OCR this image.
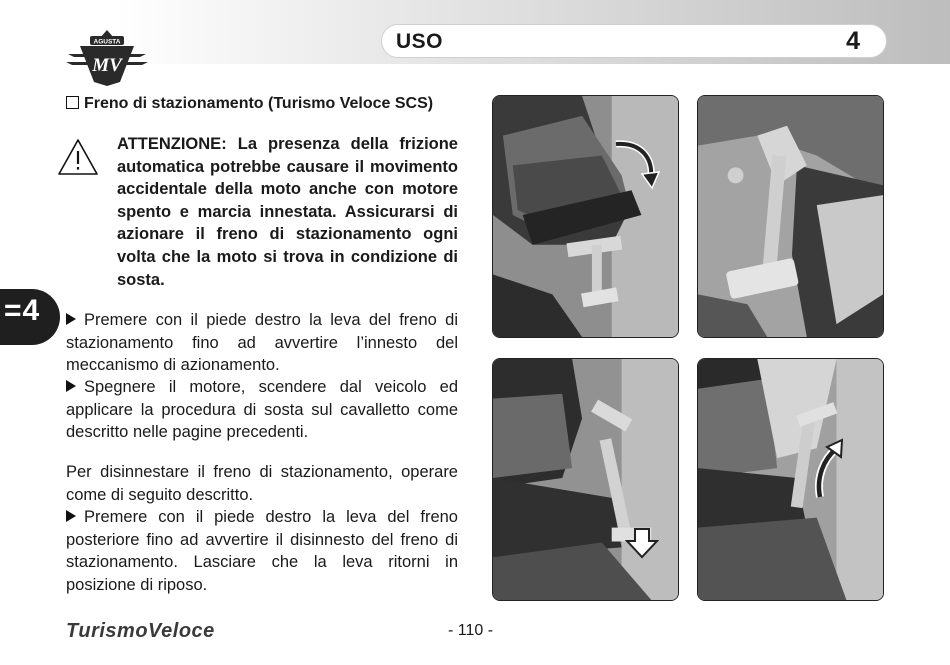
AGUSTA
MV
USO	4
=4
Freno di stazionamento (Turismo Veloce SCS)
ATTENZIONE: La presenza della frizione automatica potrebbe causare il movimento accidentale della moto anche con motore spento e marcia innestata. Assicurarsi di azionare il freno di stazionamento ogni volta che la moto si trova in condizione di sosta.
Premere con il piede destro la leva del freno di stazionamento fino ad avvertire l’innesto del meccanismo di azionamento.
Spegnere il motore, scendere dal veicolo ed applicare la procedura di sosta sul cavalletto come descritto nelle pagine precedenti.
Per disinnestare il freno di stazionamento, operare come di seguito descritto.
Premere con il piede destro la leva del freno posteriore fino ad avvertire il disinnesto del freno di stazionamento. Lasciare che la leva ritorni in posizione di riposo.
TurismoVeloce	- 110 -
